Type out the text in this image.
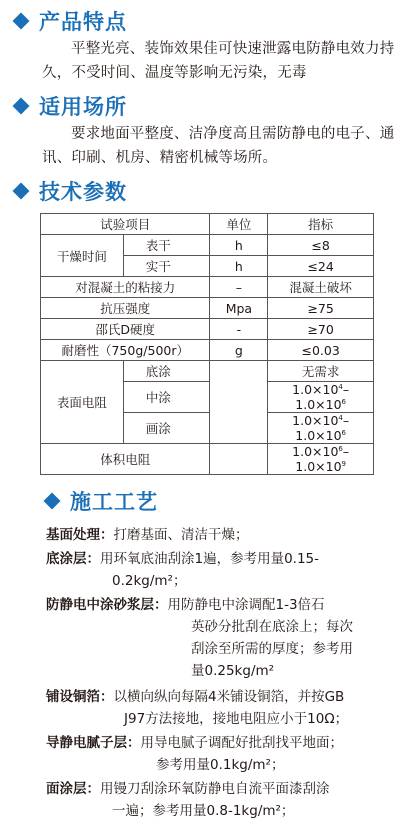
产品特点
平整光亮、装饰效果佳可快速泄露电防静电效力持久，不受时间、温度等影响无污染，无毒
适用场所
要求地面平整度、洁净度高且需防静电的电子、通讯、印刷、机房、精密机械等场所。
技术参数
试验项目		单位	指标
干燥时间	表干	h	≤8
	实干	h	≤24
对混凝土的粘接力		–	混凝土破坏
抗压强度		Mpa	≥75
邵氏D硬度		-	≥70
耐磨性（750g/500r）		g	≤0.03
表面电阻	底涂		无需求
	中涂		$1.0\times 10^4-1.0\times 10^6$
	画涂		$1.0\times 10^4-1.0\times 10^6$
体积电阻			$1.0\times 10^6-1.0\times 10^9$
施工工艺
基面处理：打磨基面、清洁干燥；
底涂层：用环氧底油刮涂1遍，参考用量0.15-
0.2kg/m²；
防静电中涂砂浆层：用防静电中涂调配1-3倍石
英砂分批刮在底涂上；每次
刮涂至所需的厚度；参考用
量0.25kg/m²
铺设铜箔：以横向纵向每隔4米铺设铜箔，并按GB
J97方法接地，接地电阻应小于10Ω；
导静电腻子层：用导电腻子调配好批刮找平地面；
参考用量0.1kg/m²；
面涂层：用镘刀刮涂环氧防静电自流平面漆刮涂
一遍；参考用量0.8-1kg/m²；
